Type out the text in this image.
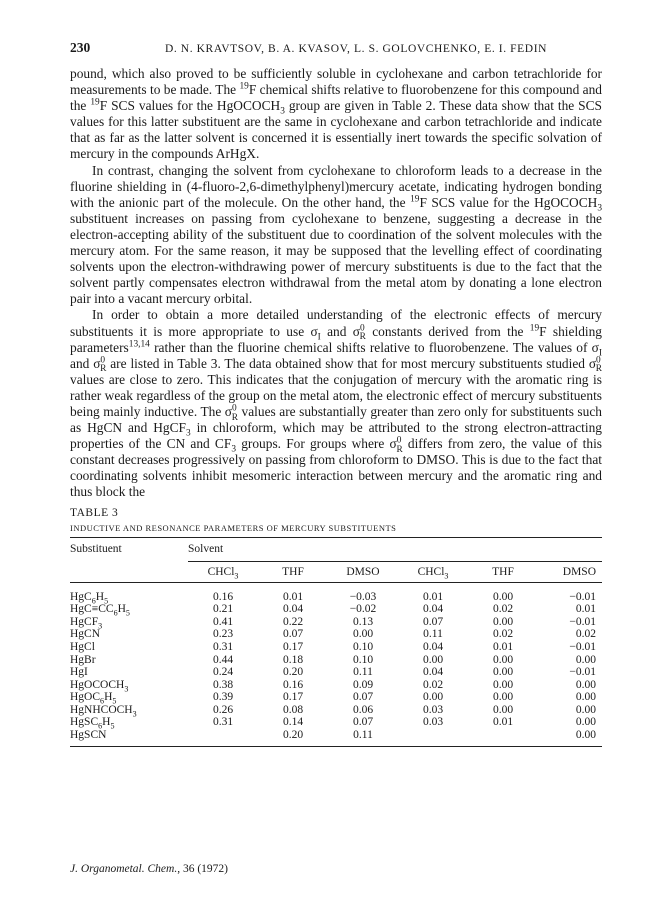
230	D. N. KRAVTSOV, B. A. KVASOV, L. S. GOLOVCHENKO, E. I. FEDIN

pound, which also proved to be sufficiently soluble in cyclohexane and carbon tetrachloride for measurements to be made. The $^{19}$F chemical shifts relative to fluorobenzene for this compound and the $^{19}$F SCS values for the HgOCOCH$_3$ group are given in Table 2. These data show that the SCS values for this latter substituent are the same in cyclohexane and carbon tetrachloride and indicate that as far as the latter solvent is concerned it is essentially inert towards the specific solvation of mercury in the compounds ArHgX.

In contrast, changing the solvent from cyclohexane to chloroform leads to a decrease in the fluorine shielding in (4-fluoro-2,6-dimethylphenyl)mercury acetate, indicating hydrogen bonding with the anionic part of the molecule. On the other hand, the $^{19}$F SCS value for the HgOCOCH$_3$ substituent increases on passing from cyclohexane to benzene, suggesting a decrease in the electron-accepting ability of the substituent due to coordination of the solvent molecules with the mercury atom. For the same reason, it may be supposed that the levelling effect of coordinating solvents upon the electron-withdrawing power of mercury substituents is due to the fact that the solvent partly compensates electron withdrawal from the metal atom by donating a lone electron pair into a vacant mercury orbital.

In order to obtain a more detailed understanding of the electronic effects of mercury substituents it is more appropriate to use $\sigma_I$ and $\sigma^0_R$ constants derived from the $^{19}$F shielding parameters$^{13,14}$ rather than the fluorine chemical shifts relative to fluorobenzene. The values of $\sigma_I$ and $\sigma^0_R$ are listed in Table 3. The data obtained show that for most mercury substituents studied $\sigma^0_R$ values are close to zero. This indicates that the conjugation of mercury with the aromatic ring is rather weak regardless of the group on the metal atom, the electronic effect of mercury substituents being mainly inductive. The $\sigma^0_R$ values are substantially greater than zero only for substituents such as HgCN and HgCF$_3$ in chloroform, which may be attributed to the strong electron-attracting properties of the CN and $CF_3$ groups. For groups where $\sigma^0_R$ differs from zero, the value of this constant decreases progressively on passing from chloroform to DMSO. This is due to the fact that coordinating solvents inhibit mesomeric interaction between mercury and the aromatic ring and thus block the

TABLE 3
INDUCTIVE AND RESONANCE PARAMETERS OF MERCURY SUBSTITUENTS
Substituent	Solvent					
	CHCl$_3$	THF	DMSO	CHCl$_3$	THF	DMSO

$HgC_6H_5$	0.16	0.01	−0.03	0.01	0.00	−0.01
$HgC\equiv CC_6H_5$	0.21	0.04	−0.02	0.04	0.02	0.01
HgCF$_3$	0.41	0.22	0.13	0.07	0.00	−0.01
HgCN	0.23	0.07	0.00	0.11	0.02	0.02
HgCl	0.31	0.17	0.10	0.04	0.01	−0.01
HgBr	0.44	0.18	0.10	0.00	0.00	0.00
HgI	0.24	0.20	0.11	0.04	0.00	−0.01
HgOCOCH$_3$	0.38	0.16	0.09	0.02	0.00	0.00
$HgOC_6H_5$	0.39	0.17	0.07	0.00	0.00	0.00
HgNHCOCH$_3$	0.26	0.08	0.06	0.03	0.00	0.00
$HgSC_6H_5$	0.31	0.14	0.07	0.03	0.01	0.00
HgSCN		0.20	0.11			0.00

J. Organometal. Chem., 36 (1972)
